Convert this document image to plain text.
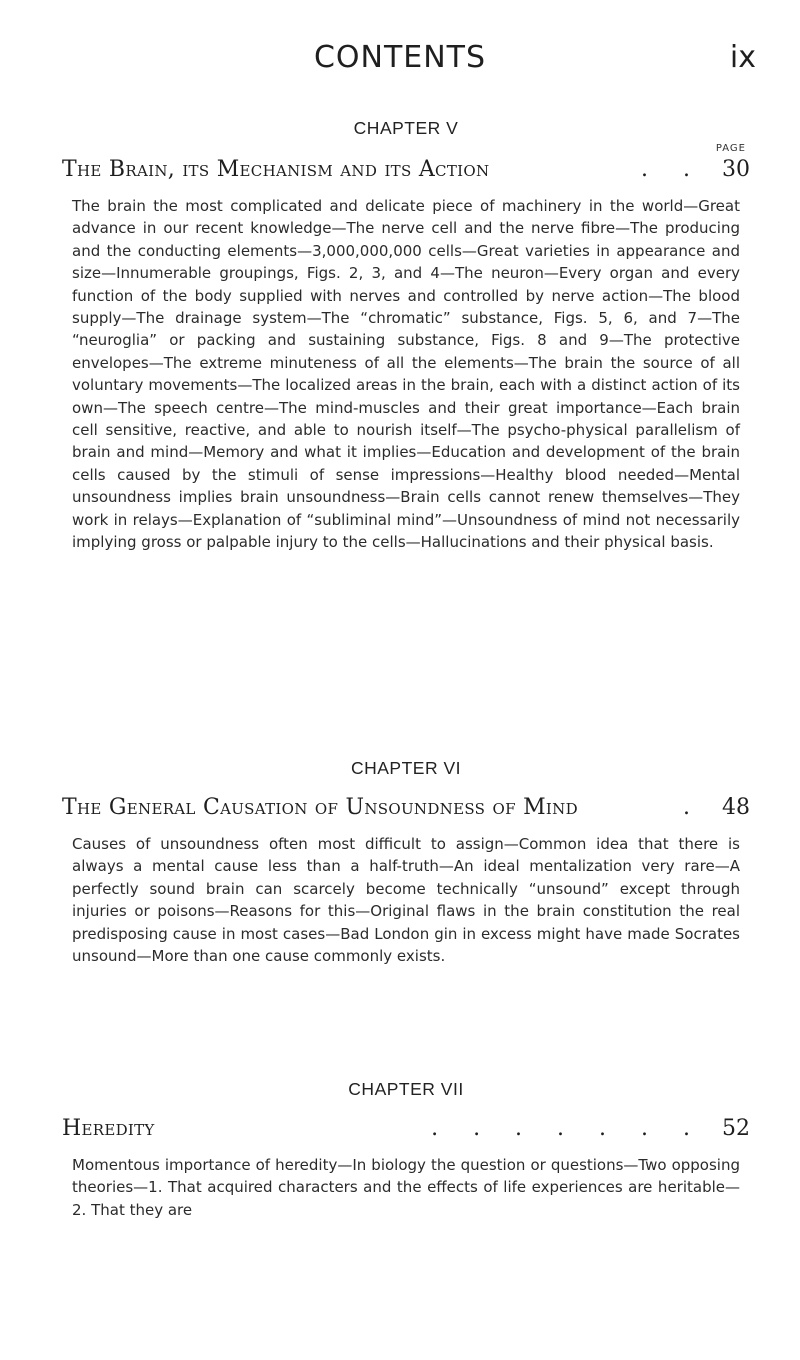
CONTENTS	ix
CHAPTER V
PAGE
The Brain, its Mechanism and its Action	. . 30

The brain the most complicated and delicate piece of machinery in the world—Great advance in our recent knowledge—The nerve cell and the nerve fibre—The producing and the conducting elements—3,000,000,000 cells—Great varieties in appearance and size—Innumerable groupings, Figs. 2, 3, and 4—The neuron—Every organ and every function of the body supplied with nerves and controlled by nerve action—The blood supply—The drainage system—The “chromatic” substance, Figs. 5, 6, and 7—The “neuroglia” or packing and sustaining substance, Figs. 8 and 9—The protective envelopes—The extreme minuteness of all the elements—The brain the source of all voluntary movements—The localized areas in the brain, each with a distinct action of its own—The speech centre—The mind-muscles and their great importance—Each brain cell sensitive, reactive, and able to nourish itself—The psycho-physical parallelism of brain and mind—Memory and what it implies—Education and development of the brain cells caused by the stimuli of sense impressions—Healthy blood needed—Mental unsoundness implies brain unsoundness—Brain cells cannot renew themselves—They work in relays—Explanation of “subliminal mind”—Unsoundness of mind not necessarily implying gross or palpable injury to the cells—Hallucinations and their physical basis.

CHAPTER VI
The General Causation of Unsoundness of Mind	. 48

Causes of unsoundness often most difficult to assign—Common idea that there is always a mental cause less than a half-truth—An ideal mentalization very rare—A perfectly sound brain can scarcely become technically “unsound” except through injuries or poisons—Reasons for this—Original flaws in the brain constitution the real predisposing cause in most cases—Bad London gin in excess might have made Socrates unsound—More than one cause commonly exists.

CHAPTER VII
Heredity	. . . . . . . 52

Momentous importance of heredity—In biology the question or questions—Two opposing theories—1. That acquired characters and the effects of life experiences are heritable—2. That they are
